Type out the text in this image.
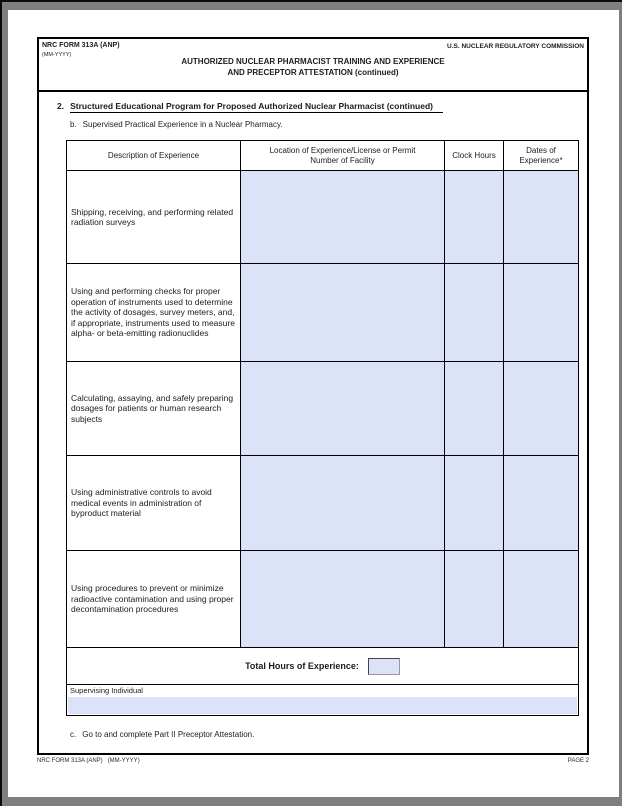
NRC FORM 313A (ANP)
(MM-YYYY)
U.S. NUCLEAR REGULATORY COMMISSION
AUTHORIZED NUCLEAR PHARMACIST TRAINING AND EXPERIENCE
AND PRECEPTOR ATTESTATION (continued)
2. Structured Educational Program for Proposed Authorized Nuclear Pharmacist (continued)
b. Supervised Practical Experience in a Nuclear Pharmacy.
Description of Experience	Location of Experience/License or Permit Number of Facility	Clock Hours	Dates of Experience*
Shipping, receiving, and performing related radiation surveys			
Using and performing checks for proper operation of instruments used to determine the activity of dosages, survey meters, and, if appropriate, instruments used to measure alpha- or beta-emitting radionuclides			
Calculating, assaying, and safely preparing dosages for patients or human research subjects			
Using administrative controls to avoid medical events in administration of byproduct material			
Using procedures to prevent or minimize radioactive contamination and using proper decontamination procedures			

Total Hours of Experience:			

Supervising Individual			
c. Go to and complete Part II Preceptor Attestation.
NRC FORM 313A (ANP) (MM-YYYY)	PAGE 2
